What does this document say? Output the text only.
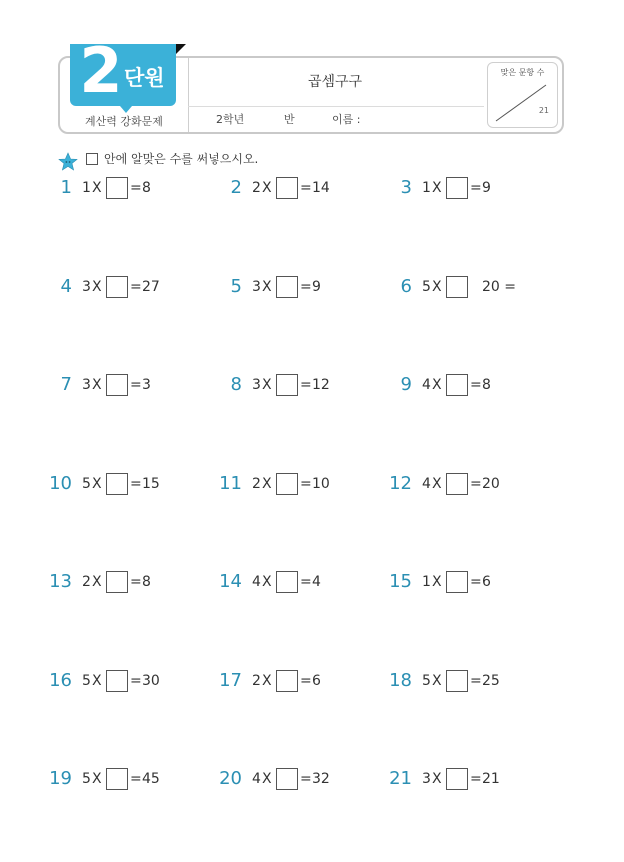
2 단원
계산력 강화문제
곱셈구구
2학년	반	이름 :
맞은 문항 수
21
안에 알맞은 수를 써넣으시오.
1 1 X = 8	2 2 X = 14	3 1 X = 9
4 3 X = 27	5 3 X = 9	6 5 X	20 =
7 3 X = 3	8 3 X = 12	9 4 X = 8
10 5 X = 15	11 2 X = 10	12 4 X = 20
13 2 X = 8	14 4 X = 4	15 1 X = 6
16 5 X = 30	17 2 X = 6	18 5 X = 25
19 5 X = 45	20 4 X = 32	21 3 X = 21
